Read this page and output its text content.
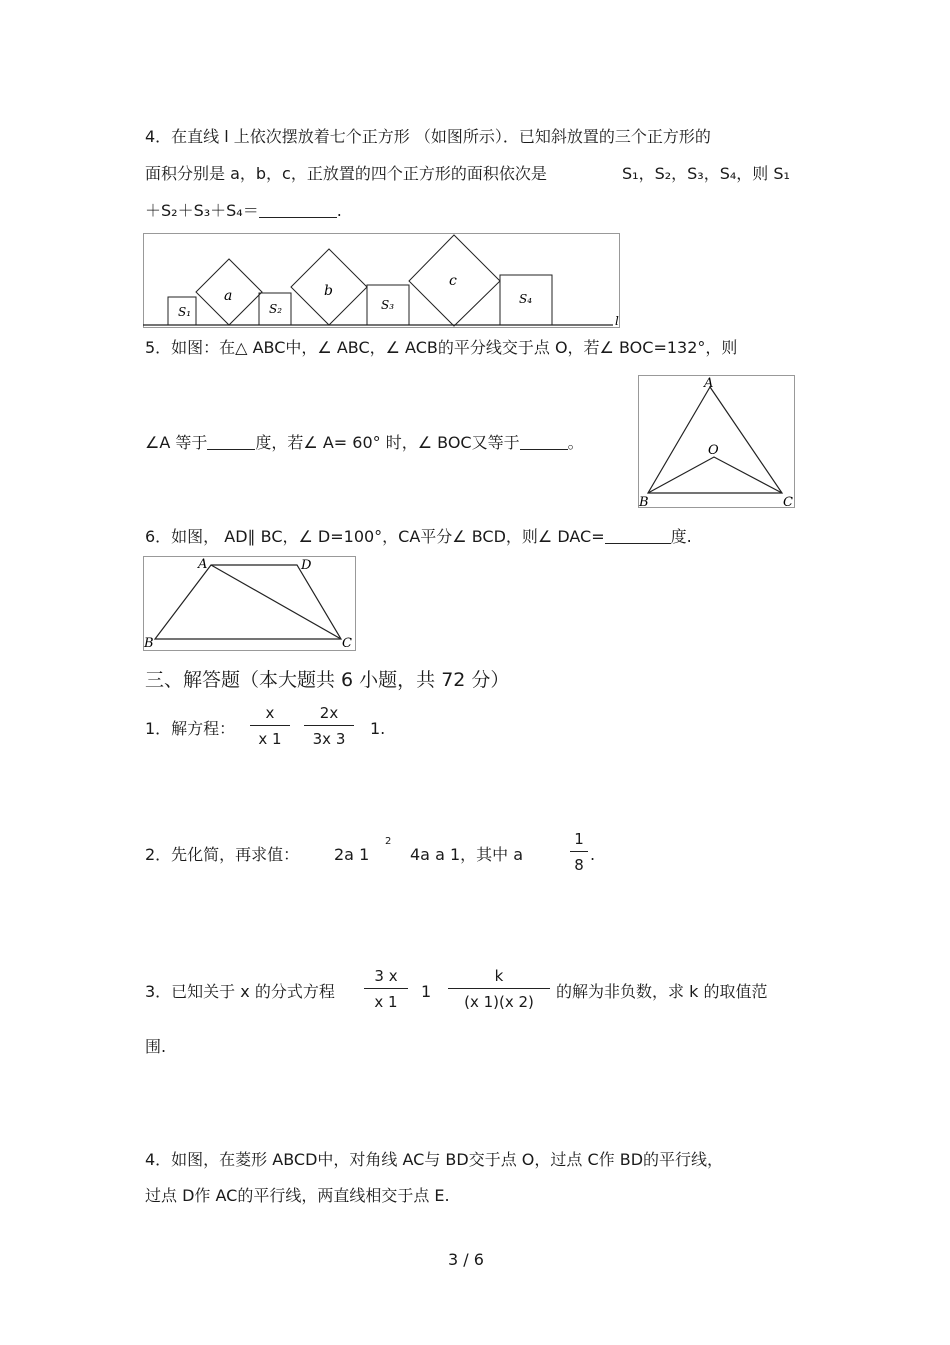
4．在直线 l 上依次摆放着七个正方形 （如图所示）．已知斜放置的三个正方形的
面积分别是 a，b，c，正放置的四个正方形的面积依次是	S₁，S₂，S₃，S₄，则 S₁
＋S₂＋S₃＋S₄＝	.
S₁
a
S₂
b
S₃
c
S₄
l
5．如图：在△ ABC中，∠ ABC，∠ ACB的平分线交于点 O，若∠ BOC=132°，则
∠A 等于	度，若∠ A= 60° 时，∠ BOC又等于	。
A
B	C
O
6．如图， AD∥ BC，∠ D=100°，CA平分∠ BCD，则∠ DAC=	度.
A	D
B	C
三、解答题（本大题共 6 小题，共 72 分）
1．解方程：
x
x 1
2x
3x 3
1.
2．先化简，再求值： 2a 1
2
4a a 1，其中 a
1
8
.
3．已知关于 x 的分式方程
3 x
x 1
1
k
(x 1)(x 2)
的解为非负数，求 k 的取值范
围.
4．如图，在菱形 ABCD中，对角线 AC与 BD交于点 O，过点 C作 BD的平行线，
过点 D作 AC的平行线，两直线相交于点 E.
3 / 6
